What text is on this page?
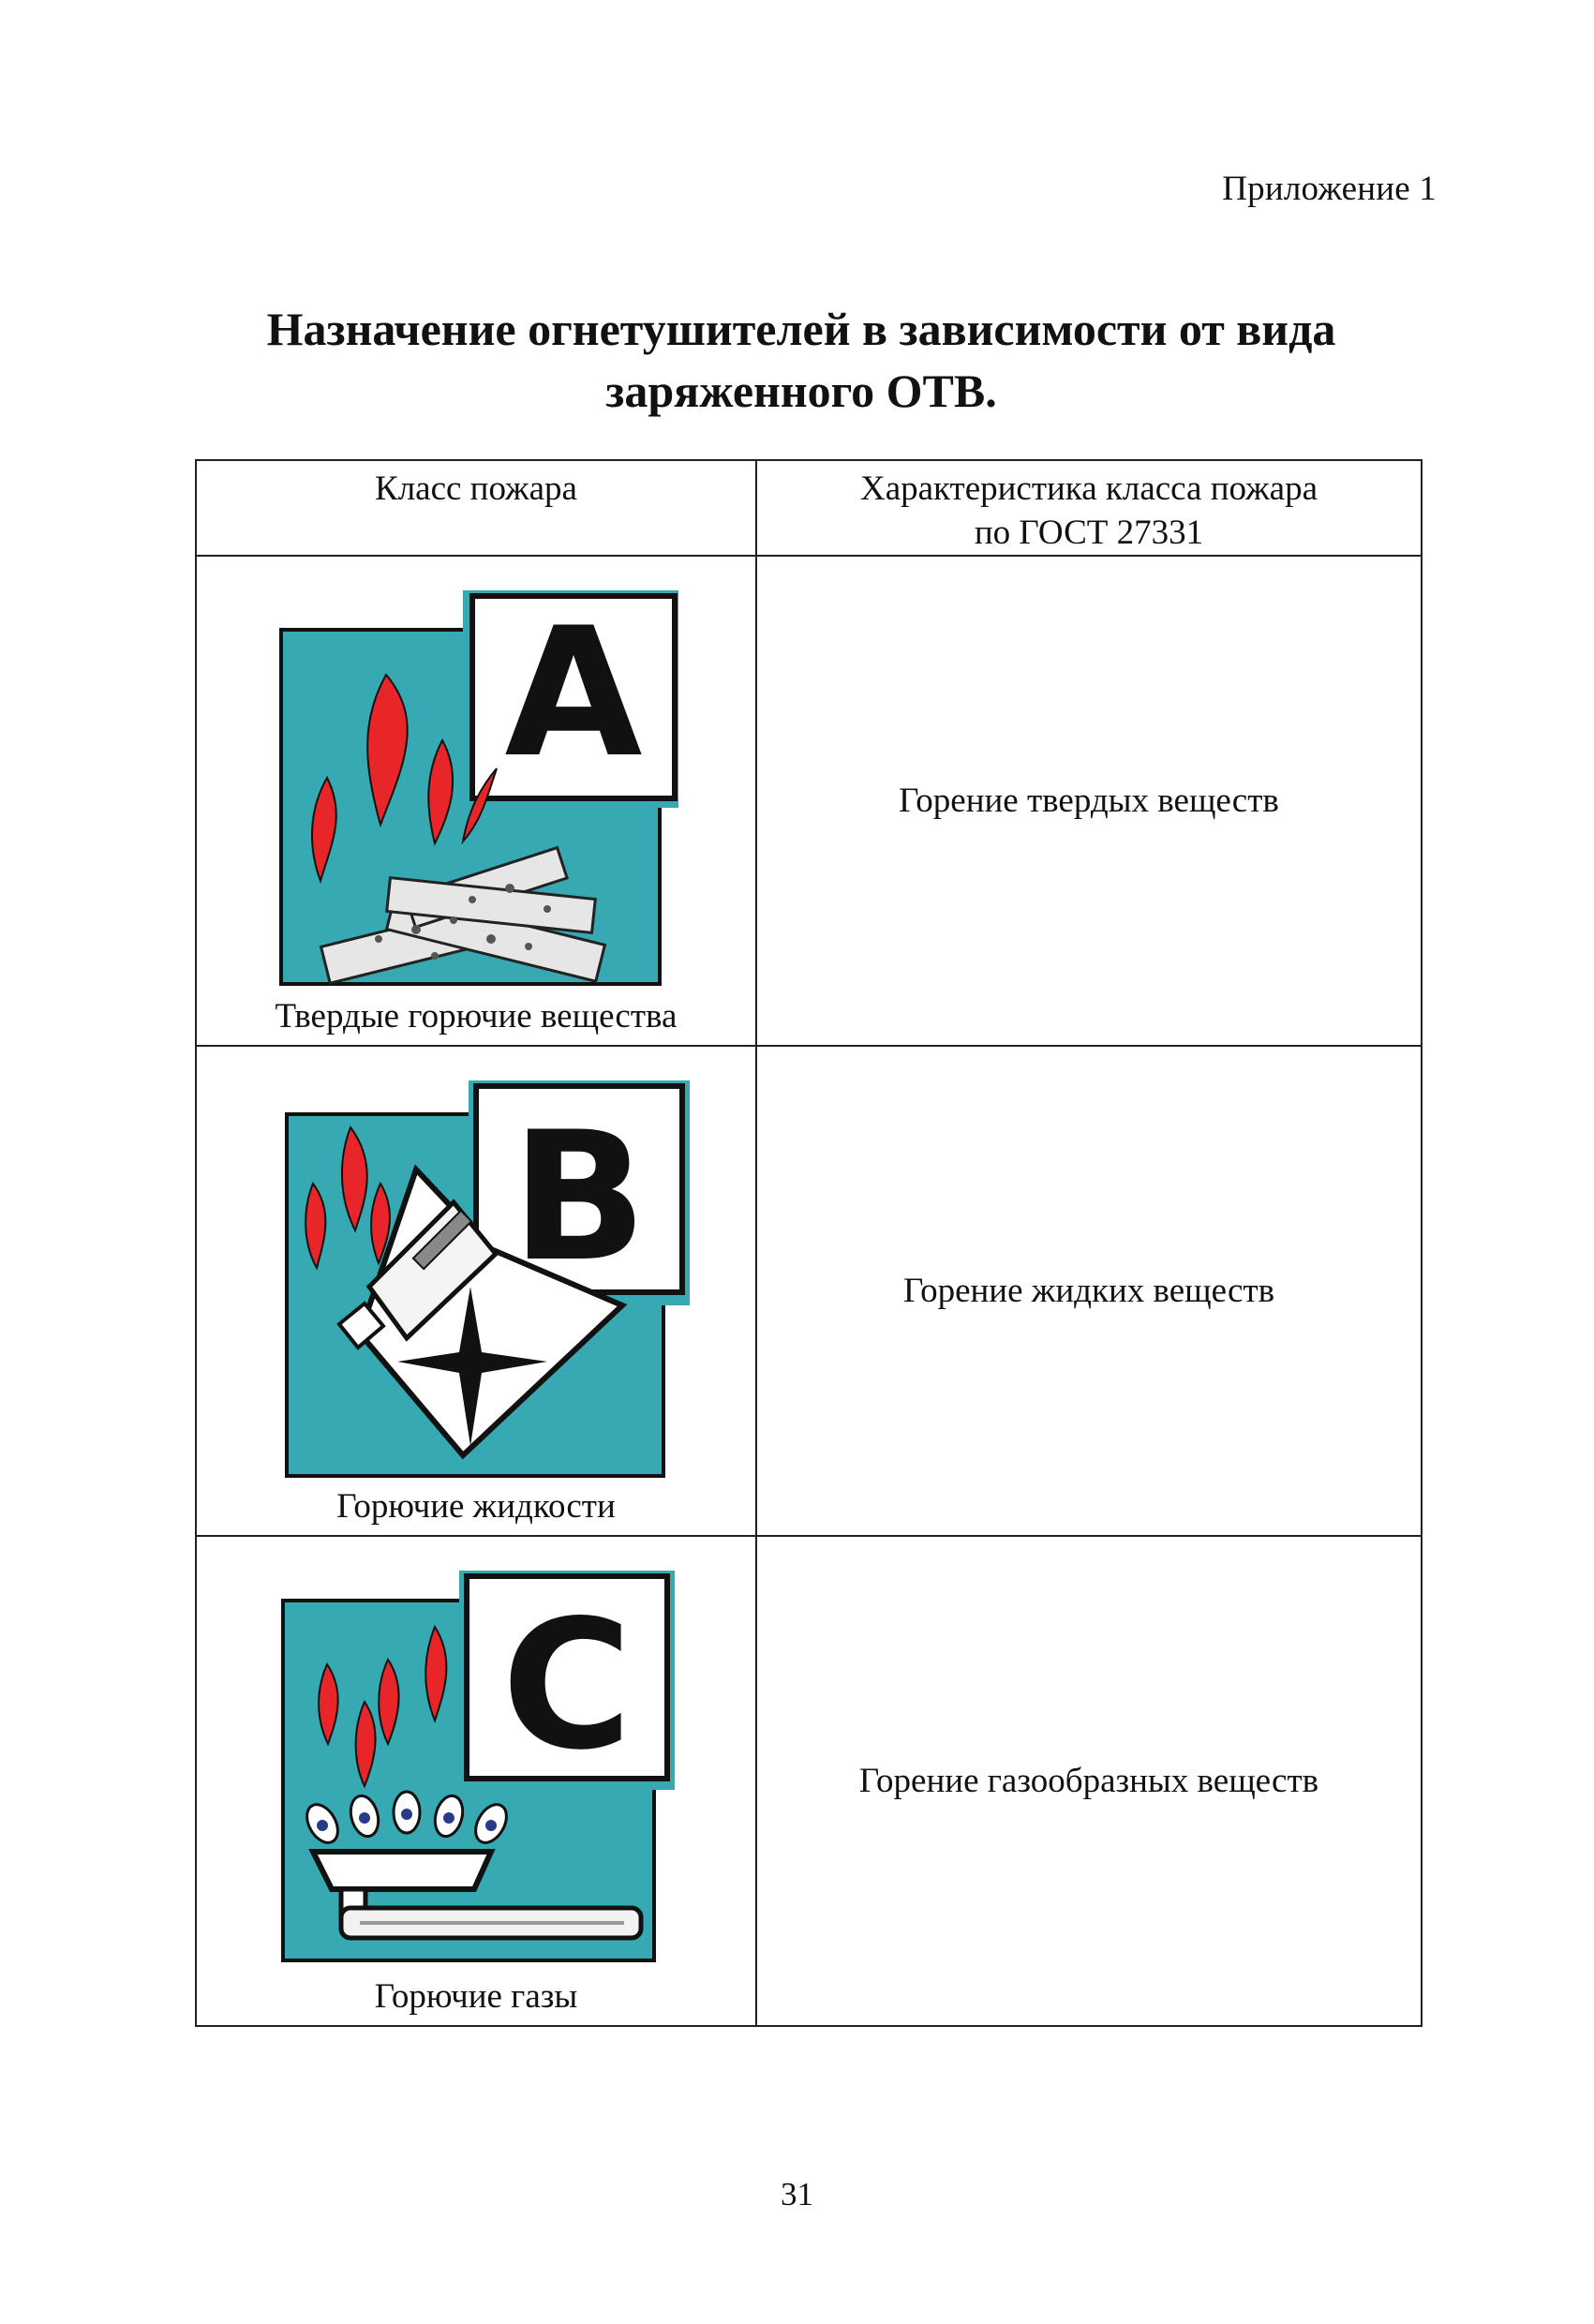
Приложение 1
Назначение огнетушителей в зависимости от вида
заряженного ОТВ.
Класс пожара	Характеристика класса пожара
по ГОСТ 27331

A
Твердые горючие вещества	Горение твердых веществ

B
Горючие жидкости	Горение жидких веществ

C
Горючие газы	Горение газообразных веществ
31
